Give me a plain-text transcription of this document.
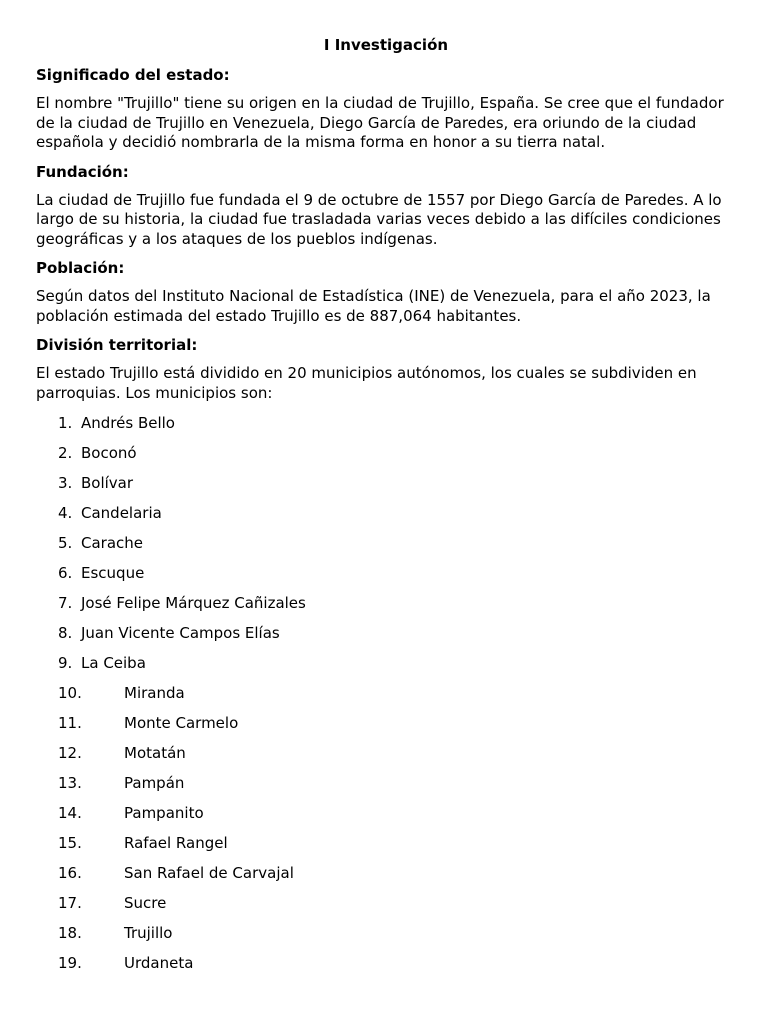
I Investigación
Significado del estado:
El nombre "Trujillo" tiene su origen en la ciudad de Trujillo, España. Se cree que el fundador de la ciudad de Trujillo en Venezuela, Diego García de Paredes, era oriundo de la ciudad española y decidió nombrarla de la misma forma en honor a su tierra natal.
Fundación:
La ciudad de Trujillo fue fundada el 9 de octubre de 1557 por Diego García de Paredes. A lo largo de su historia, la ciudad fue trasladada varias veces debido a las difíciles condiciones geográficas y a los ataques de los pueblos indígenas.
Población:
Según datos del Instituto Nacional de Estadística (INE) de Venezuela, para el año 2023, la población estimada del estado Trujillo es de 887,064 habitantes.
División territorial:
El estado Trujillo está dividido en 20 municipios autónomos, los cuales se subdividen en parroquias. Los municipios son:
1. Andrés Bello
2. Boconó
3. Bolívar
4. Candelaria
5. Carache
6. Escuque
7. José Felipe Márquez Cañizales
8. Juan Vicente Campos Elías
9. La Ceiba
10.	Miranda
11.	Monte Carmelo
12.	Motatán
13.	Pampán
14.	Pampanito
15.	Rafael Rangel
16.	San Rafael de Carvajal
17.	Sucre
18.	Trujillo
19.	Urdaneta
